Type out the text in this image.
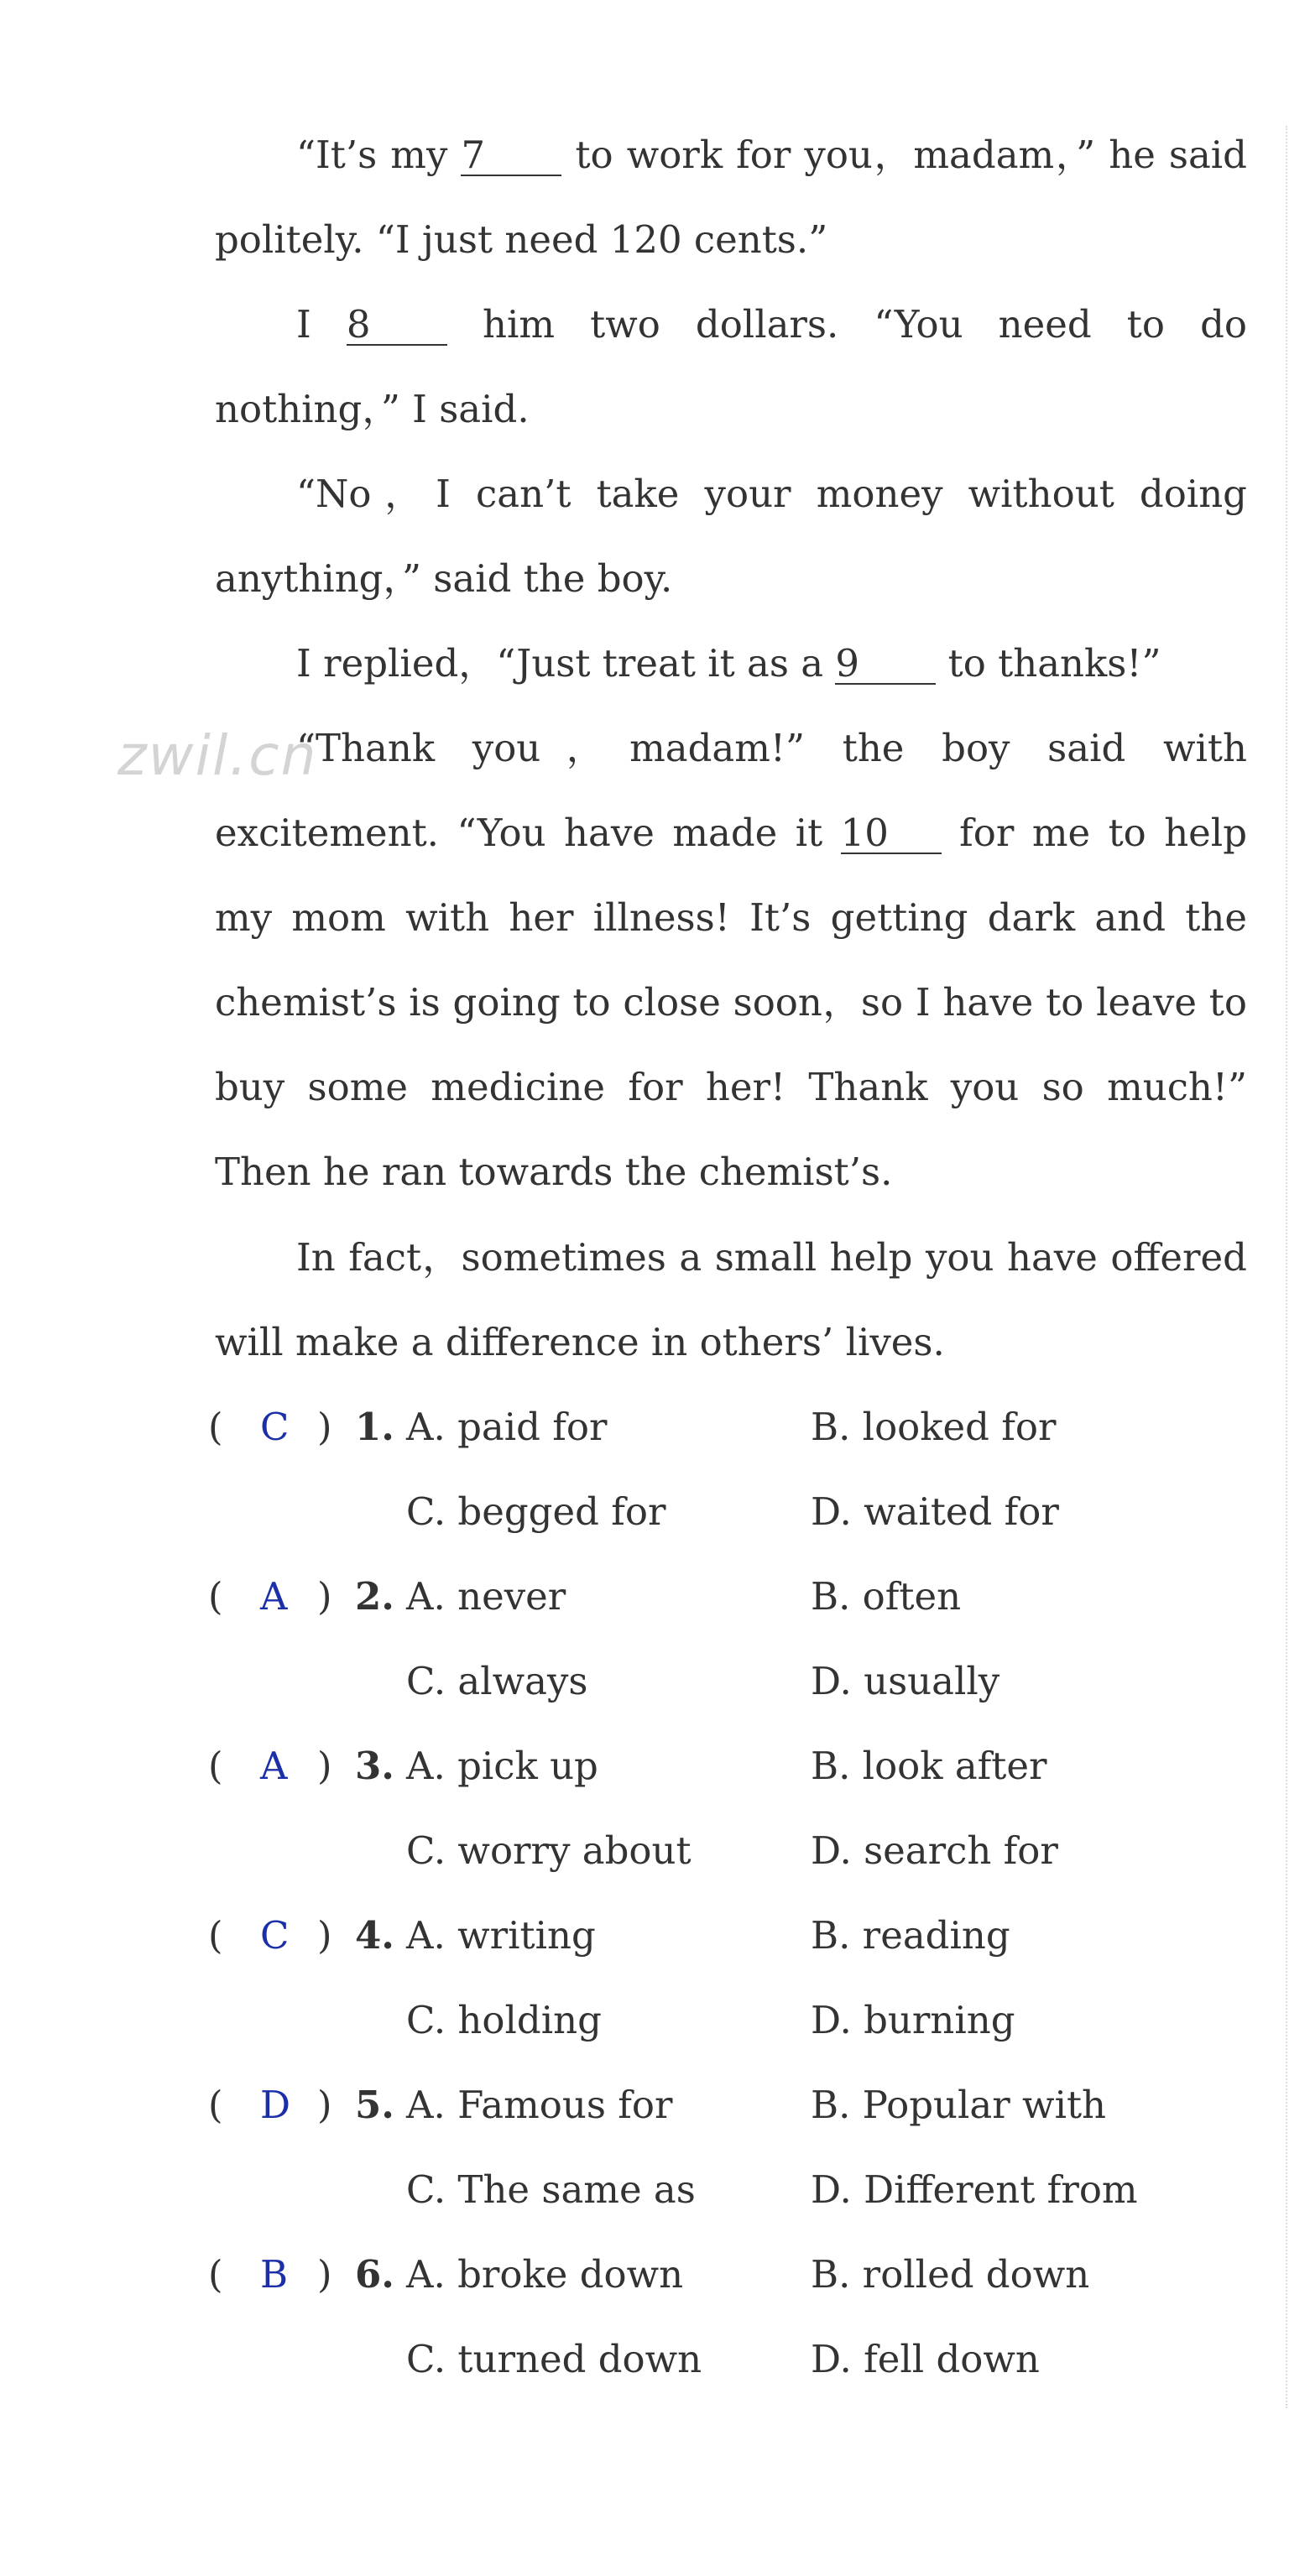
“It’s my 7 to work for you，madam，” he said politely. “I just need 120 cents.”

I 8 him two dollars. “You need to do nothing，” I said.

“No，I can’t take your money without doing anything，” said the boy.

I replied，“Just treat it as a 9 to thanks!”

zwil.cn

“Thank you，madam!” the boy said with excitement. “You have made it 10 for me to help my mom with her illness! It’s getting dark and the chemist’s is going to close soon，so I have to leave to buy some medicine for her! Thank you so much!” Then he ran towards the chemist’s.

In fact，sometimes a small help you have offered will make a difference in others’ lives.

( C ) 1. A. paid for	B. looked for
C. begged for	D. waited for
( A ) 2. A. never	B. often
C. always	D. usually
( A ) 3. A. pick up	B. look after
C. worry about	D. search for
( C ) 4. A. writing	B. reading
C. holding	D. burning
( D ) 5. A. Famous for	B. Popular with
C. The same as	D. Different from
( B ) 6. A. broke down	B. rolled down
C. turned down	D. fell down
